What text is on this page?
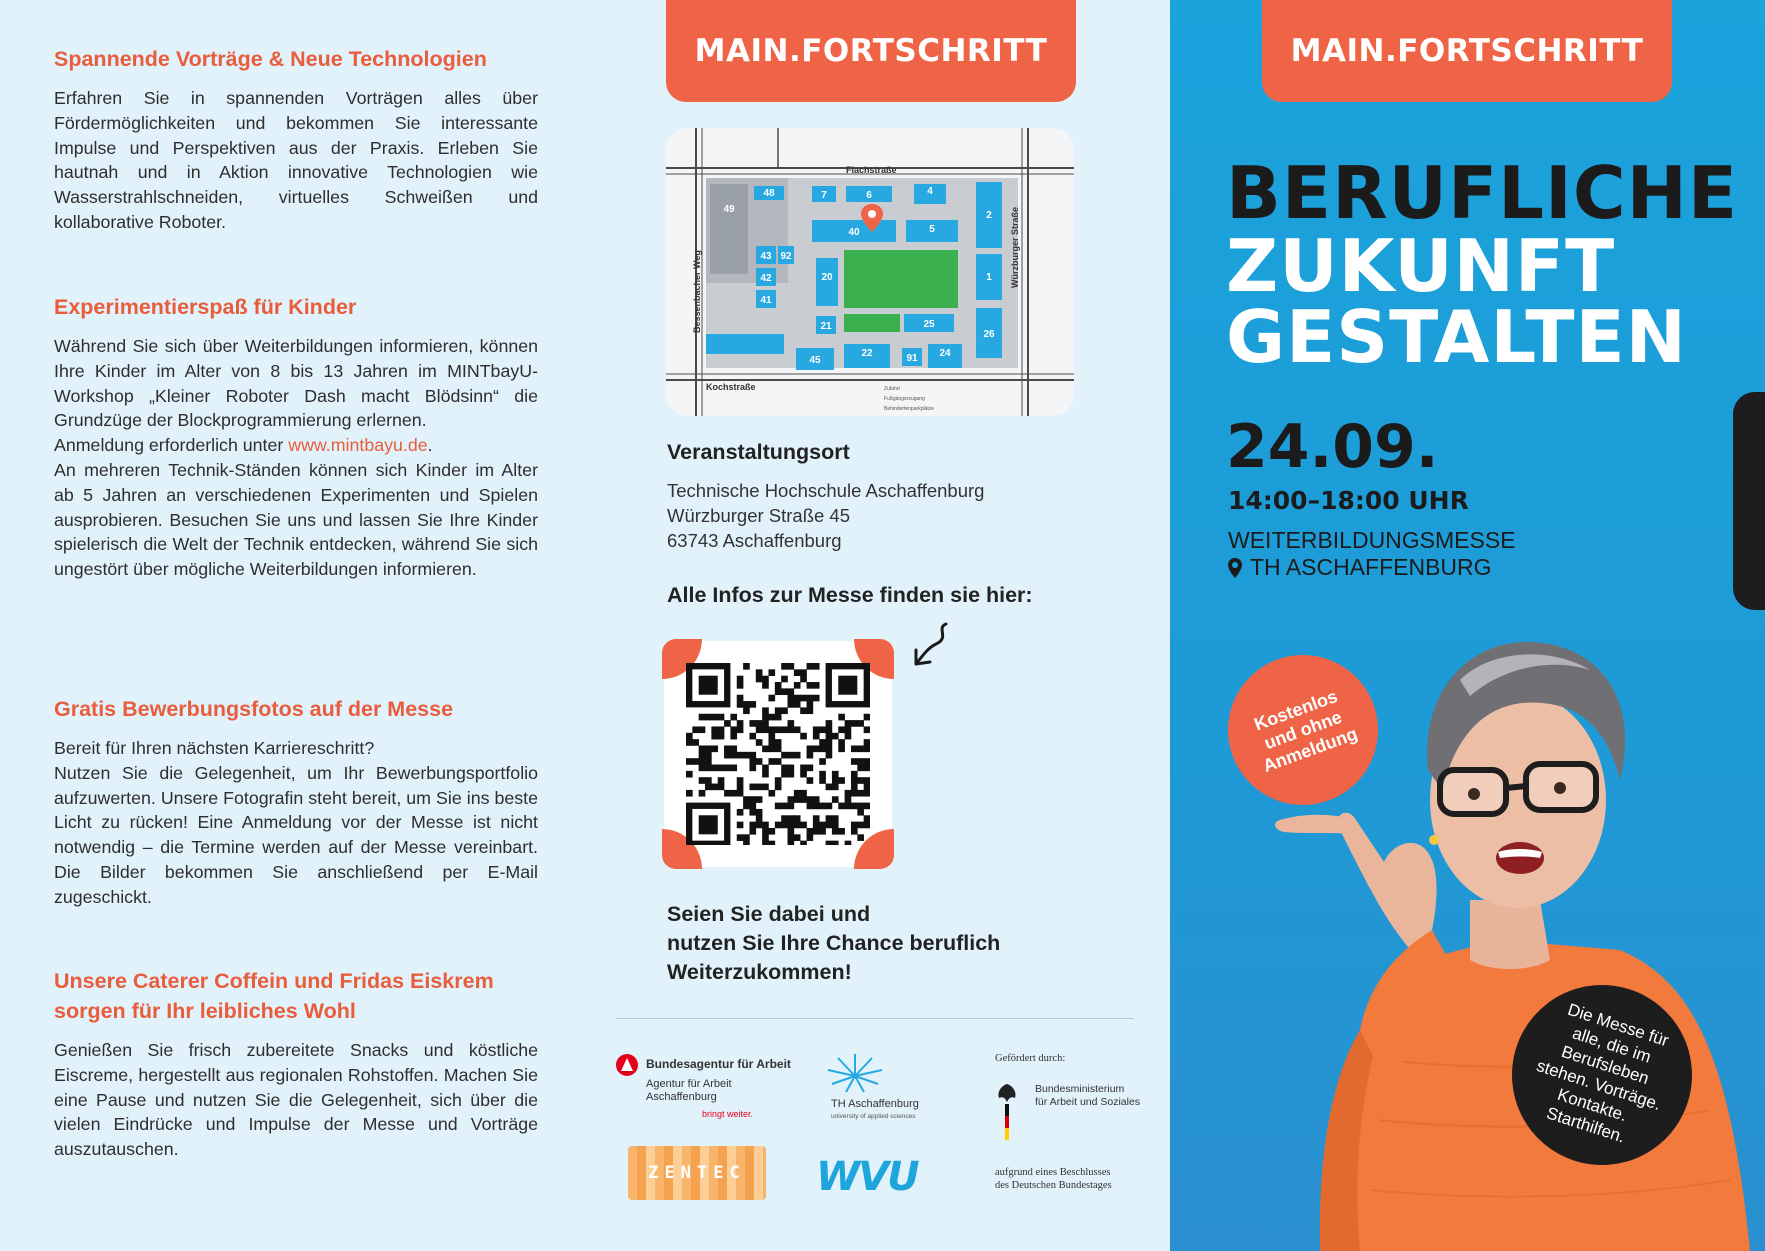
Spannende Vorträge & Neue Technologien

Erfahren Sie in spannenden Vorträgen alles über Fördermöglichkeiten und bekommen Sie interessante Impulse und Perspektiven aus der Praxis. Erleben Sie hautnah und in Aktion innovative Technologien wie Wasserstrahlschneiden, virtuelles Schweißen und kollaborative Roboter.

Experimentierspaß für Kinder

Während Sie sich über Weiterbildungen informieren, können Ihre Kinder im Alter von 8 bis 13 Jahren im MINTbayU-Workshop „Kleiner Roboter Dash macht Blödsinn“ die Grundzüge der Blockprogrammierung erlernen.

Anmeldung erforderlich unter www.mintbayu.de.

An mehreren Technik-Ständen können sich Kinder im Alter ab 5 Jahren an verschiedenen Experimenten und Spielen ausprobieren. Besuchen Sie uns und lassen Sie Ihre Kinder spielerisch die Welt der Technik entdecken, während Sie sich ungestört über mögliche Weiterbildungen informieren.

Gratis Bewerbungsfotos auf der Messe

Bereit für Ihren nächsten Karriereschritt?

Nutzen Sie die Gelegenheit, um Ihr Bewerbungsportfolio aufzuwerten. Unsere Fotografin steht bereit, um Sie ins beste Licht zu rücken! Eine Anmeldung vor der Messe ist nicht notwendig – die Termine werden auf der Messe vereinbart. Die Bilder bekommen Sie anschließend per E-Mail zugeschickt.

Unsere Caterer Coffein und Fridas Eiskrem sorgen für Ihr leibliches Wohl

Genießen Sie frisch zubereitete Snacks und köstliche Eiscreme, hergestellt aus regionalen Rohstoffen. Machen Sie eine Pause und nutzen Sie die Gelegenheit, sich über die vielen Eindrücke und Impulse der Messe und Vorträge auszutauschen.

MAIN.FORTSCHRITT
49
48	7	6	4
40	5
43 92
42
41
20
21	25
22	91 24
45
2
1
26
Flachstraße
Würzburger Straße
Bessenbacher Weg
Kochstraße	Zufahrt
Fußgängerzugang
Behindertenparkplätze
Veranstaltungsort
Technische Hochschule Aschaffenburg
Würzburger Straße 45
63743 Aschaffenburg
Alle Infos zur Messe finden sie hier:
Seien Sie dabei und
nutzen Sie Ihre Chance beruflich
Weiterzukommen!
Bundesagentur für Arbeit
Agentur für Arbeit
Aschaffenburg
bringt weiter.
TH Aschaffenburg
university of applied sciences
Gefördert durch:
Bundesministerium
für Arbeit und Soziales
aufgrund eines Beschlusses
des Deutschen Bundestages
ZENTEC WVU
MAIN.FORTSCHRITT
BERUFLICHE
ZUKUNFT
GESTALTEN
24.09.
14:00–18:00 UHR
WEITERBILDUNGSMESSE
TH ASCHAFFENBURG
Kostenlos und ohne Anmeldung
Die Messe für alle, die im Berufsleben stehen. Vorträge. Kontakte. Starthilfen.
